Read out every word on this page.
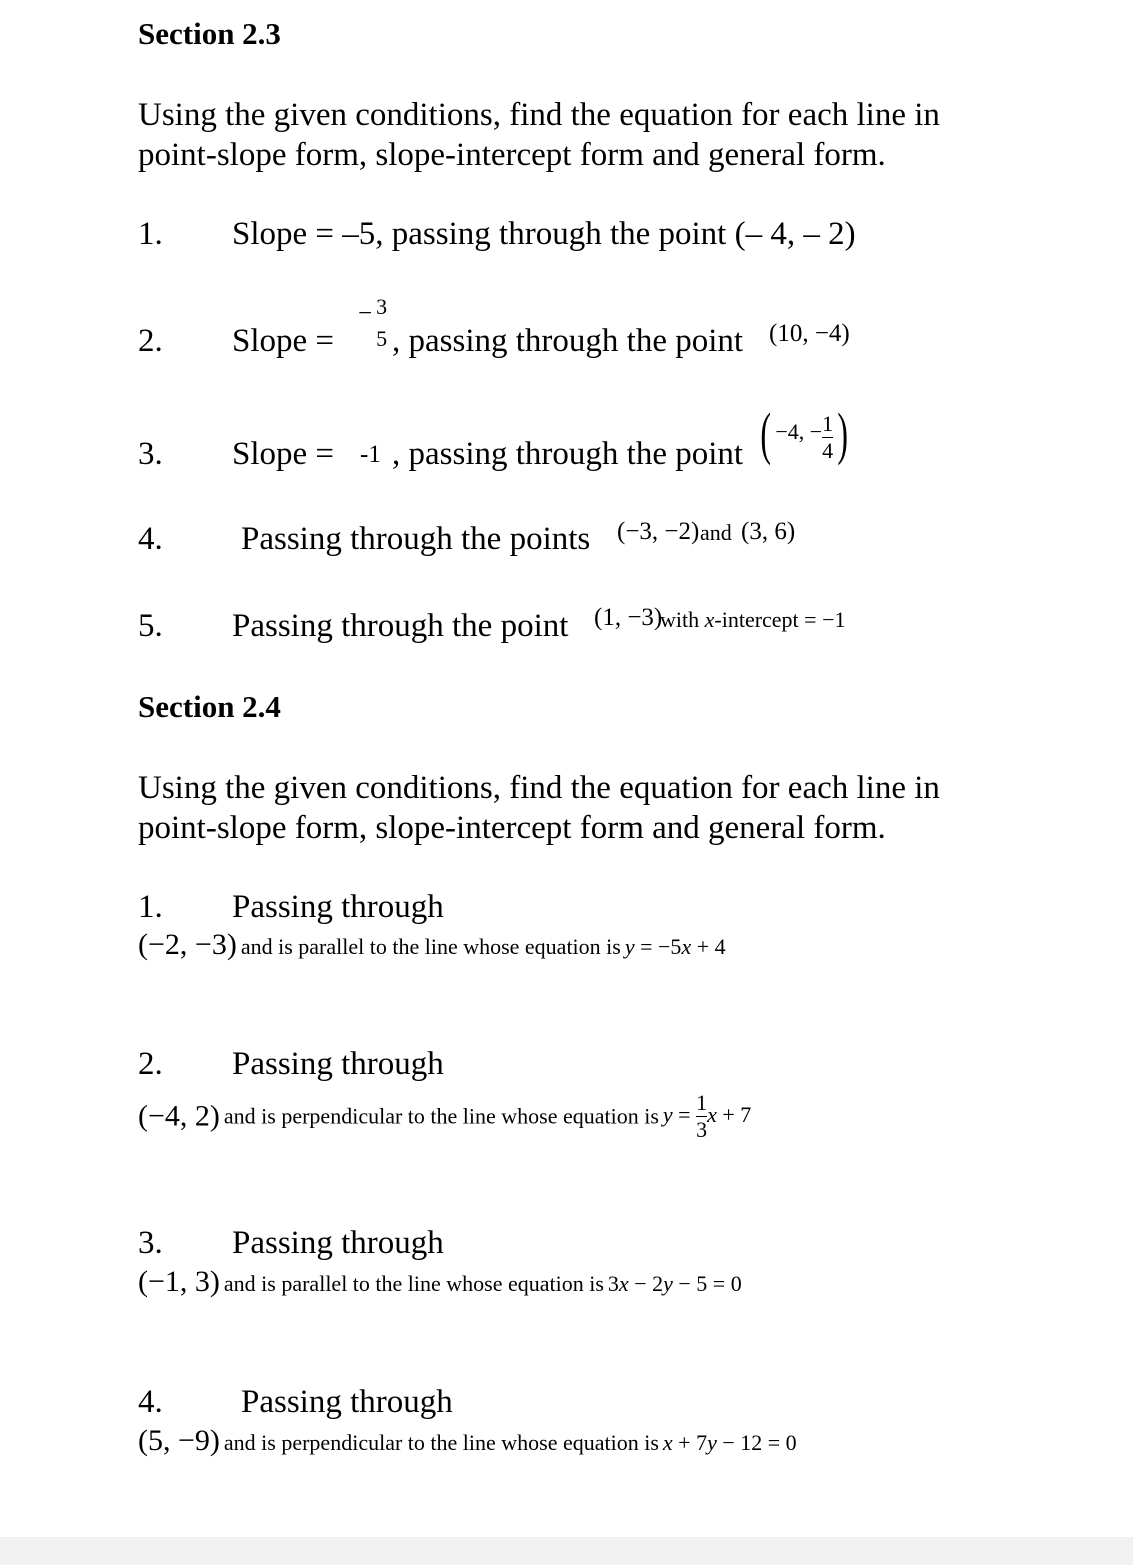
Section 2.3
Using the given conditions, find the equation for each line in
point-slope form, slope-intercept form and general form.
1. Slope = –5, passing through the point (– 4, – 2)
2. Slope =
− 3
5 , passing through the point (10, −4)
3. Slope = -1 , passing through the point ( −4, − $\frac{1}{4}$ )
4. Passing through the points (−3, −2) and (3, 6)
5. Passing through the point (1, −3)
with x-intercept = −1
Section 2.4
Using the given conditions, find the equation for each line in
point-slope form, slope-intercept form and general form.
1. Passing through
(−2, −3) and is parallel to the line whose equation is y = −5x + 4
2. Passing through
(−4, 2) and is perpendicular to the line whose equation is $y = \frac{1}{3}$ x + 7
3. Passing through
(−1, 3) and is parallel to the line whose equation is 3x − 2y − 5 = 0
4. Passing through
(5, −9) and is perpendicular to the line whose equation is x + 7y − 12 = 0
